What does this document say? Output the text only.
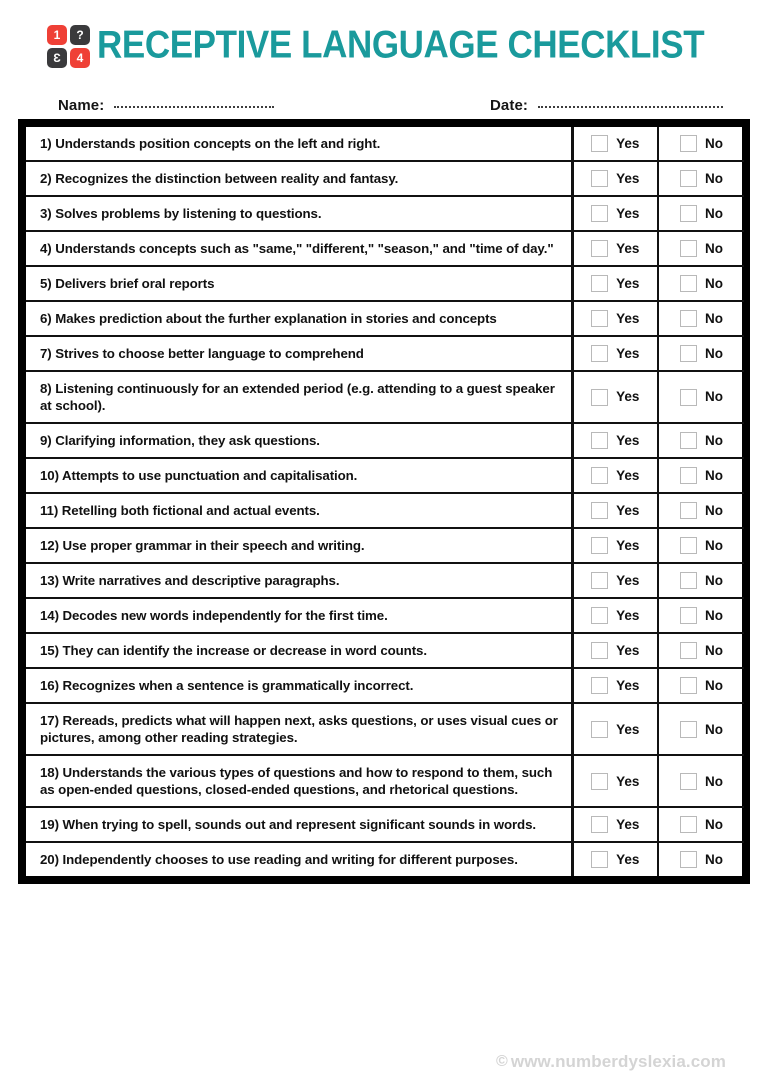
1	?
Ɛ	4 RECEPTIVE LANGUAGE CHECKLIST
Name:	Date:
1) Understands position concepts on the left and right.	Yes	No

2) Recognizes the distinction between reality and fantasy.	Yes	No

3) Solves problems by listening to questions.	Yes	No

4) Understands concepts such as "same," "different," "season," and "time of day."	Yes	No

5) Delivers brief oral reports	Yes	No

6) Makes prediction about the further explanation in stories and concepts	Yes	No

7) Strives to choose better language to comprehend	Yes	No

8) Listening continuously for an extended period (e.g. attending to a guest speaker at school).	Yes	No

9) Clarifying information, they ask questions.	Yes	No

10) Attempts to use punctuation and capitalisation.	Yes	No

11) Retelling both fictional and actual events.	Yes	No

12) Use proper grammar in their speech and writing.	Yes	No

13) Write narratives and descriptive paragraphs.	Yes	No

14) Decodes new words independently for the first time.	Yes	No

15) They can identify the increase or decrease in word counts.	Yes	No

16) Recognizes when a sentence is grammatically incorrect.	Yes	No

17) Rereads, predicts what will happen next, asks questions, or uses visual cues or pictures, among other reading strategies.	Yes	No

18) Understands the various types of questions and how to respond to them, such as open-ended questions, closed-ended questions, and rhetorical questions.	Yes	No

19) When trying to spell, sounds out and represent significant sounds in words.	Yes	No

20) Independently chooses to use reading and writing for different purposes.	Yes	No
© www.numberdyslexia.com
